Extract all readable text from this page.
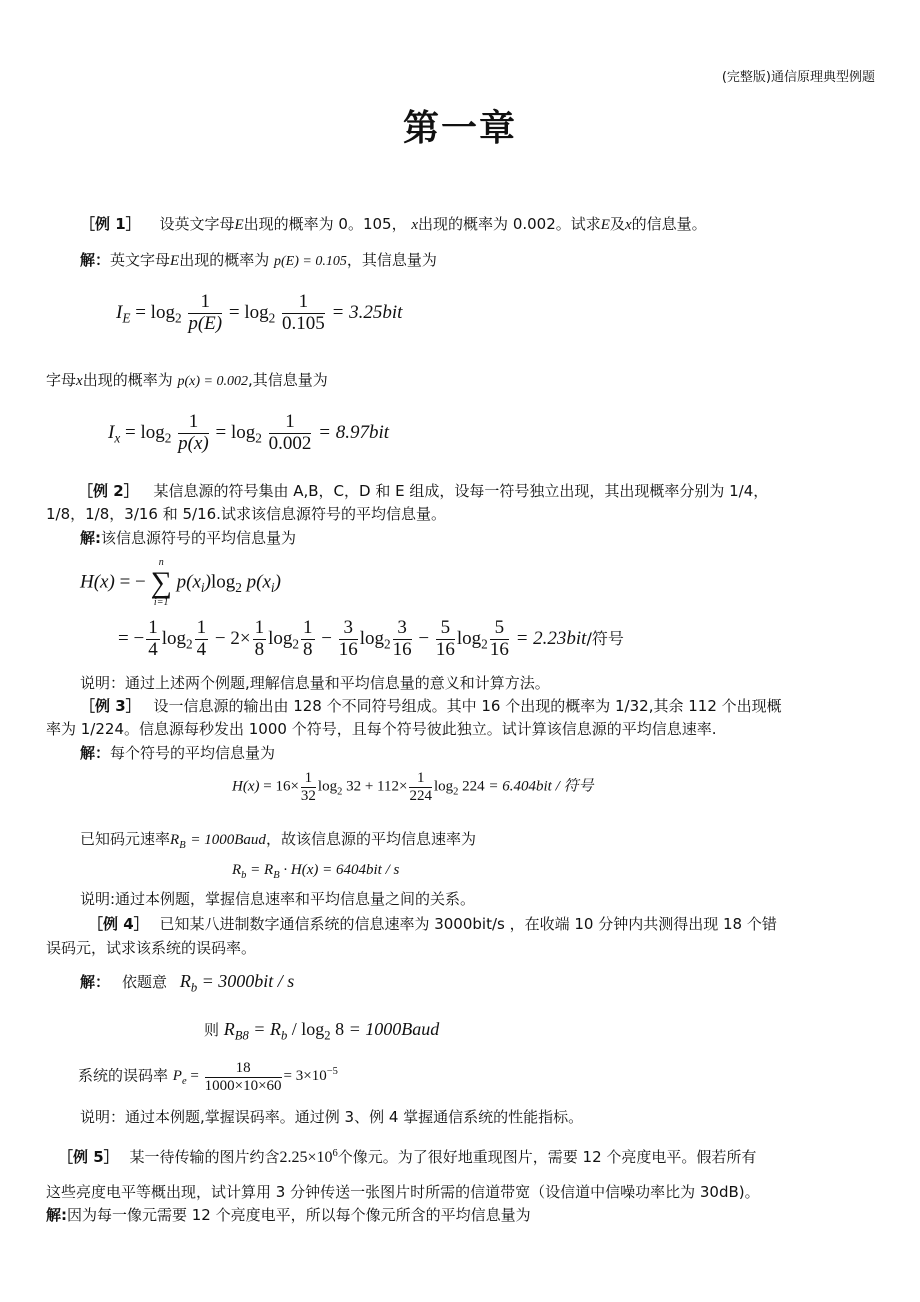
(完整版)通信原理典型例题
第一章
［例 1］ 设英文字母E出现的概率为 0。105， x出现的概率为 0.002。试求E及x的信息量。
解：英文字母E出现的概率为 p(E) = 0.105，其信息量为
$I_E = \log_2 \frac{1}{p(E)} = \log_2 \frac{1}{0.105} = 3.25bit$
字母x出现的概率为 p(x) = 0.002,其信息量为
$I_x = \log_2 \frac{1}{p(x)} = \log_2 \frac{1}{0.002} = 8.97bit$
［例 2］ 某信息源的符号集由 A,B，C，D 和 E 组成，设每一符号独立出现，其出现概率分别为 1/4，
1/8，1/8，3/16 和 5/16.试求该信息源符号的平均信息量。
解:该信息源符号的平均信息量为
H(x) = −
n
∑
i=1
$p(x_i)\log_2$ $p(x_i)$
= − $\frac{1}{4} \log_2 \frac{1}{4} - 2\times \frac{1}{8} \log_2 \frac{1}{8} - \frac{3}{16} \log_2 \frac{3}{16} - \frac{5}{16} \log_2 \frac{5}{16} = 2.23bit/$符号
说明：通过上述两个例题,理解信息量和平均信息量的意义和计算方法。
［例 3］ 设一信息源的输出由 128 个不同符号组成。其中 16 个出现的概率为 1/32,其余 112 个出现概
率为 1/224。信息源每秒发出 1000 个符号，且每个符号彼此独立。试计算该信息源的平均信息速率.
解：每个符号的平均信息量为
$H(x) = 16\times \frac{1}{32} \log_2 32 + 112\times \frac{1}{224} \log_2 224 = 6.404bit$ / 符号
已知码元速率$R_B$ = 1000Baud，故该信息源的平均信息速率为
$R_b = R_B \cdot H(x) = 6404bit / s$
说明:通过本例题，掌握信息速率和平均信息量之间的关系。
［例 4］ 已知某八进制数字通信系统的信息速率为 3000bit/s ，在收端 10 分钟内共测得出现 18 个错
误码元，试求该系统的误码率。
解： 依题意 $R_b = 3000bit / s$
则 $R_{B8} = R_b / \log_2 8$ = 1000Baud
系统的误码率 $P_e = \frac{18}{1000\times 10\times 60} = 3\times 10^{-5}$
说明：通过本例题,掌握误码率。通过例 3、例 4 掌握通信系统的性能指标。
［例 5］ 某一待传输的图片约含$2.25\times 10^6$个像元。为了很好地重现图片，需要 12 个亮度电平。假若所有
这些亮度电平等概出现，试计算用 3 分钟传送一张图片时所需的信道带宽（设信道中信噪功率比为 30dB)。
解:因为每一像元需要 12 个亮度电平，所以每个像元所含的平均信息量为
